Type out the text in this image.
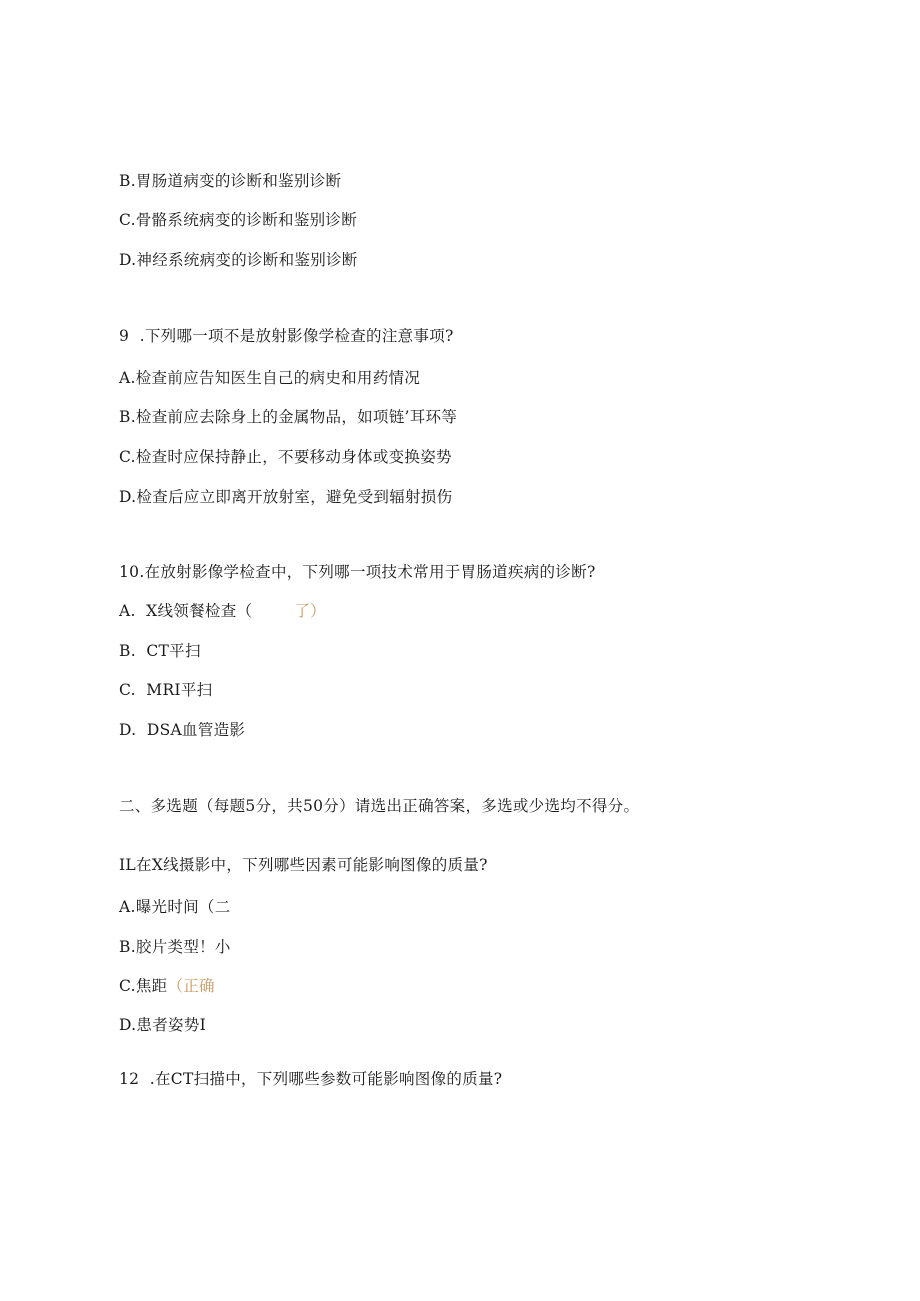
B.胃肠道病变的诊断和鉴别诊断
C.骨骼系统病变的诊断和鉴别诊断
D.神经系统病变的诊断和鉴别诊断
9  .下列哪一项不是放射影像学检查的注意事项?
A.检查前应告知医生自己的病史和用药情况
B.检查前应去除身上的金属物品，如项链’耳环等
C.检查时应保持静止，不要移动身体或变换姿势
D.检查后应立即离开放射室，避免受到辐射损伤
10.在放射影像学检查中，下列哪一项技术常用于胃肠道疾病的诊断?
A.  X线领餐检查（	了）
B.  CT平扫
C.  MRI平扫
D.  DSA血管造影
二、多选题（每题5分，共50分）请选出正确答案，多选或少选均不得分。
IL在X线摄影中，下列哪些因素可能影响图像的质量?
A.曝光时间（二
B.胶片类型！小
C.焦距（正确
D.患者姿势I
12  .在CT扫描中，下列哪些参数可能影响图像的质量?
